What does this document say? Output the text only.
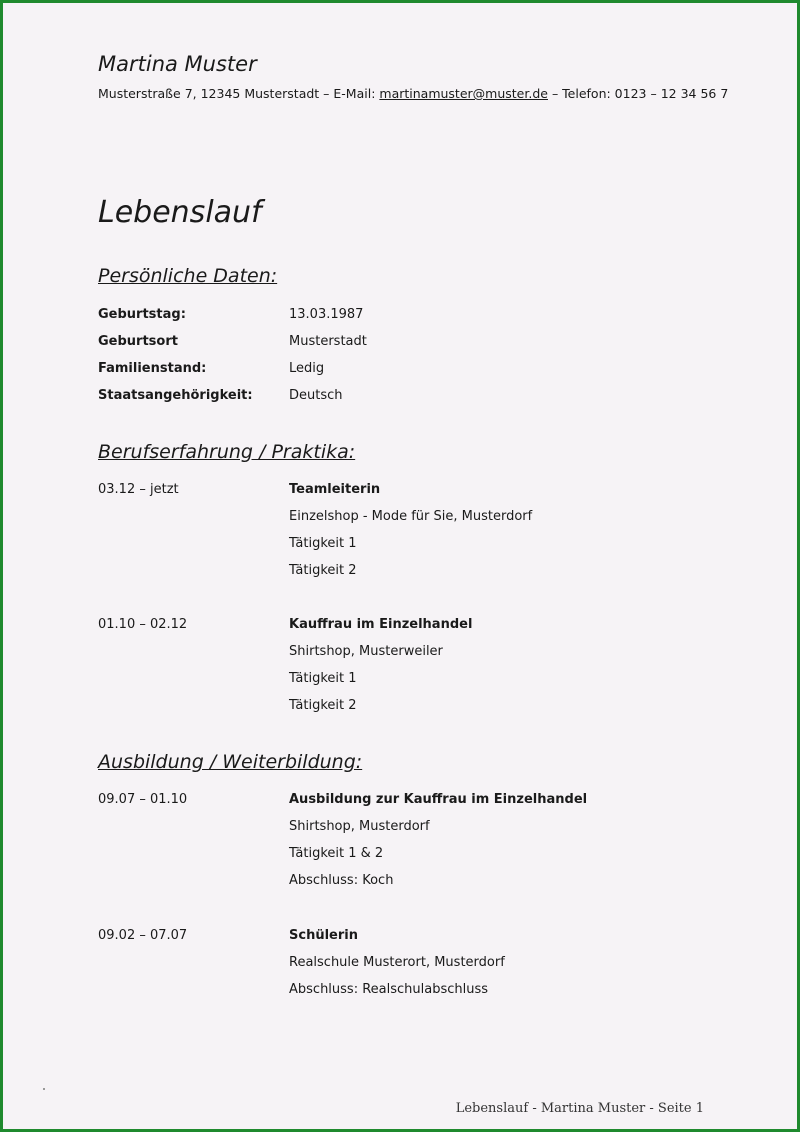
Martina Muster
Musterstraße 7, 12345 Musterstadt – E-Mail: martinamuster@muster.de – Telefon: 0123 – 12 34 56 7
Lebenslauf
Persönliche Daten:
Geburtstag:	13.03.1987
Geburtsort	Musterstadt
Familienstand:	Ledig
Staatsangehörigkeit:	Deutsch
Berufserfahrung / Praktika:
03.12 – jetzt	Teamleiterin
Einzelshop - Mode für Sie, Musterdorf
Tätigkeit 1
Tätigkeit 2
01.10 – 02.12	Kauffrau im Einzelhandel
Shirtshop, Musterweiler
Tätigkeit 1
Tätigkeit 2
Ausbildung / Weiterbildung:
09.07 – 01.10	Ausbildung zur Kauffrau im Einzelhandel
Shirtshop, Musterdorf
Tätigkeit 1 & 2
Abschluss: Koch
09.02 – 07.07	Schülerin
Realschule Musterort, Musterdorf
Abschluss: Realschulabschluss
Lebenslauf - Martina Muster - Seite 1
